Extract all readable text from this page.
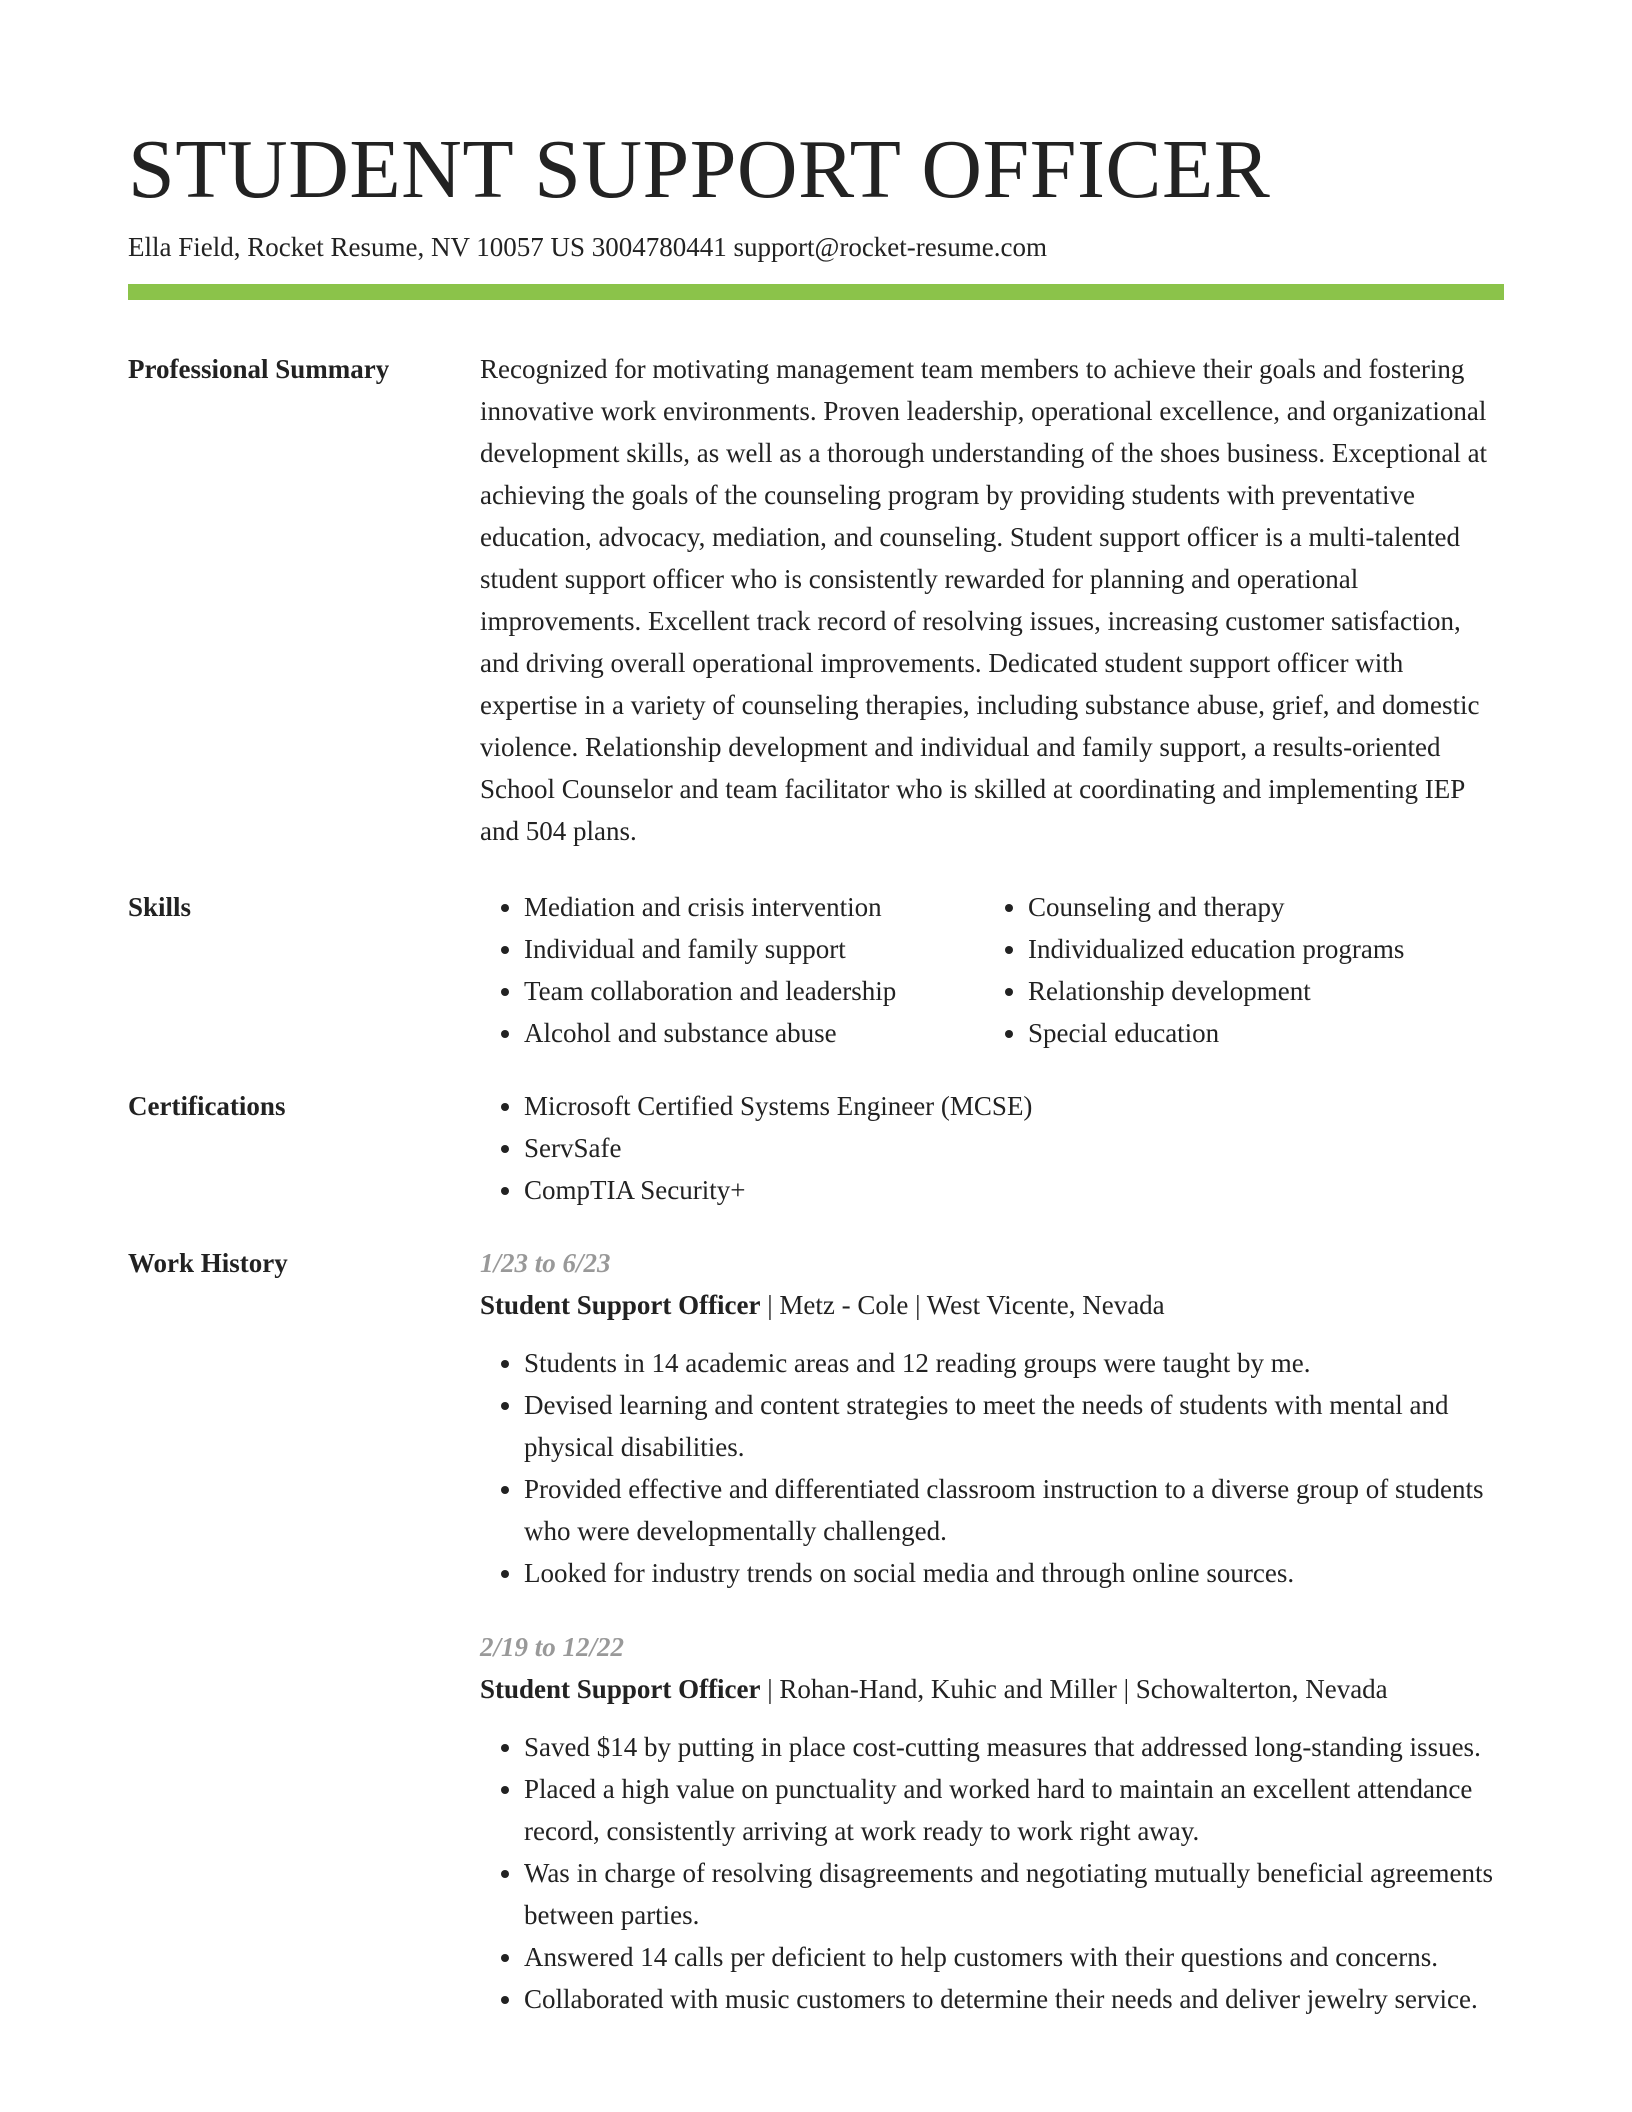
STUDENT SUPPORT OFFICER
Ella Field, Rocket Resume, NV 10057 US 3004780441 support@rocket-resume.com
Professional Summary	Recognized for motivating management team members to achieve their goals and fostering innovative work environments. Proven leadership, operational excellence, and organizational development skills, as well as a thorough understanding of the shoes business. Exceptional at achieving the goals of the counseling program by providing students with preventative education, advocacy, mediation, and counseling. Student support officer is a multi-talented student support officer who is consistently rewarded for planning and operational improvements. Excellent track record of resolving issues, increasing customer satisfaction, and driving overall operational improvements. Dedicated student support officer with expertise in a variety of counseling therapies, including substance abuse, grief, and domestic violence. Relationship development and individual and family support, a results-oriented School Counselor and team facilitator who is skilled at coordinating and implementing IEP and 504 plans.

Skills	• Mediation and crisis intervention
• Individual and family support
• Team collaboration and leadership
• Alcohol and substance abuse
• Counseling and therapy
• Individualized education programs
• Relationship development
• Special education
Certifications	• Microsoft Certified Systems Engineer (MCSE)
• ServSafe
• CompTIA Security+
Work History	1/23 to 6/23
Student Support Officer | Metz - Cole | West Vicente, Nevada
• Students in 14 academic areas and 12 reading groups were taught by me.
• Devised learning and content strategies to meet the needs of students with mental and physical disabilities.
• Provided effective and differentiated classroom instruction to a diverse group of students who were developmentally challenged.
• Looked for industry trends on social media and through online sources.
2/19 to 12/22
Student Support Officer | Rohan-Hand, Kuhic and Miller | Schowalterton, Nevada
• Saved $14 by putting in place cost-cutting measures that addressed long-standing issues.
• Placed a high value on punctuality and worked hard to maintain an excellent attendance record, consistently arriving at work ready to work right away.
• Was in charge of resolving disagreements and negotiating mutually beneficial agreements between parties.
• Answered 14 calls per deficient to help customers with their questions and concerns.
• Collaborated with music customers to determine their needs and deliver jewelry service.
